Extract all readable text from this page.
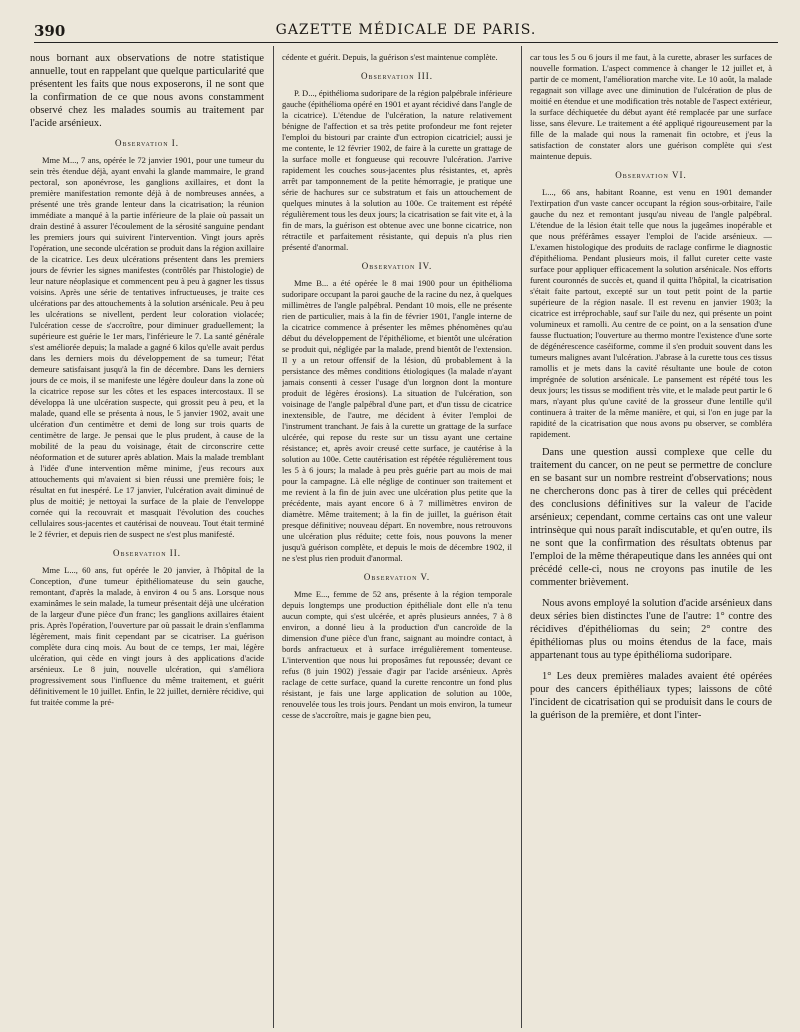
390	GAZETTE MÉDICALE DE PARIS.

nous bornant aux observations de notre statistique annuelle, tout en rappelant que quelque particularité que présentent les faits que nous exposerons, il ne sont que la confirmation de ce que nous avons constamment observé chez les malades soumis au traitement par l'acide arsénieux.

Observation I.

Mme M..., 7 ans, opérée le 72 janvier 1901, pour une tumeur du sein très étendue déjà, ayant envahi la glande mammaire, le grand pectoral, son aponévrose, les ganglions axillaires, et dont la première manifestation remonte déjà à de nombreuses années, a présenté une très grande lenteur dans la cicatrisation; la réunion immédiate a manqué à la partie inférieure de la plaie où passait un drain destiné à assurer l'écoulement de la sérosité sanguine pendant les premiers jours qui suivirent l'intervention. Vingt jours après l'opération, une seconde ulcération se produit dans la région axillaire de la cicatrice. Les deux ulcérations présentent dans les premiers jours de février les signes manifestes (contrôlés par l'histologie) de leur nature néoplasique et commencent peu à peu à gagner les tissus voisins. Après une série de tentatives infructueuses, je traite ces ulcérations par des attouchements à la solution arsénicale. Peu à peu les ulcérations se nivellent, perdent leur coloration violacée; l'ulcération cesse de s'accroître, pour diminuer graduellement; la supérieure est guérie le 1er mars, l'inférieure le 7. La santé générale s'est améliorée depuis; la malade a gagné 6 kilos qu'elle avait perdus dans les derniers mois du développement de sa tumeur; l'état demeure satisfaisant jusqu'à la fin de décembre. Dans les derniers jours de ce mois, il se manifeste une légère douleur dans la zone où la cicatrice repose sur les côtes et les espaces intercostaux. Il se développa là une ulcération suspecte, qui grossit peu à peu, et la malade, quand elle se présenta à nous, le 5 janvier 1902, avait une ulcération d'un centimètre et demi de long sur trois quarts de centimètre de large. Je pensai que le plus prudent, à cause de la mobilité de la peau du voisinage, était de circonscrire cette néoformation et de suturer après ablation. Mais la malade tremblant à l'idée d'une intervention même minime, j'eus recours aux attouchements qui m'avaient si bien réussi une première fois; le résultat en fut inespéré. Le 17 janvier, l'ulcération avait diminué de plus de moitié; je nettoyai la surface de la plaie de l'enveloppe cornée qui la recouvrait et masquait l'évolution des couches cellulaires sous-jacentes et cautérisai de nouveau. Tout était terminé le 2 février, et depuis rien de suspect ne s'est plus manifesté.

Observation II.

Mme L..., 60 ans, fut opérée le 20 janvier, à l'hôpital de la Conception, d'une tumeur épithéliomateuse du sein gauche, remontant, d'après la malade, à environ 4 ou 5 ans. Lorsque nous examinâmes le sein malade, la tumeur présentait déjà une ulcération de la largeur d'une pièce d'un franc; les ganglions axillaires étaient pris. Après l'opération, l'ouverture par où passait le drain s'enflamma légèrement, mais finit cependant par se cicatriser. La guérison complète dura cinq mois. Au bout de ce temps, 1er mai, légère ulcération, qui cède en vingt jours à des applications d'acide arsénieux. Le 8 juin, nouvelle ulcération, qui s'améliora progressivement sous l'influence du même traitement, et guérit définitivement le 10 juillet. Enfin, le 22 juillet, dernière récidive, qui fut traitée comme la pré-

cédente et guérit. Depuis, la guérison s'est maintenue complète.

Observation III.

P. D..., épithélioma sudoripare de la région palpébrale inférieure gauche (épithélioma opéré en 1901 et ayant récidivé dans l'angle de la cicatrice). L'étendue de l'ulcération, la nature relativement bénigne de l'affection et sa très petite profondeur me font rejeter l'emploi du bistouri par crainte d'un ectropion cicatriciel; aussi je me contente, le 12 février 1902, de faire à la curette un grattage de la surface molle et fongueuse qui recouvre l'ulcération. J'arrive rapidement les couches sous-jacentes plus résistantes, et, après arrêt par tamponnement de la petite hémorragie, je pratique une série de hachures sur ce substratum et fais un attouchement de quelques minutes à la solution au 100e. Ce traitement est répété régulièrement tous les deux jours; la cicatrisation se fait vite et, à la fin de mars, la guérison est obtenue avec une bonne cicatrice, non rétractile et parfaitement résistante, qui depuis n'a plus rien présenté d'anormal.

Observation IV.

Mme B... a été opérée le 8 mai 1900 pour un épithélioma sudoripare occupant la paroi gauche de la racine du nez, à quelques millimètres de l'angle palpébral. Pendant 10 mois, elle ne présente rien de particulier, mais à la fin de février 1901, l'angle interne de la cicatrice commence à présenter les mêmes phénomènes qu'au début du développement de l'épithéliome, et bientôt une ulcération se produit qui, négligée par la malade, prend bientôt de l'extension. Il y a un retour offensif de la lésion, dû probablement à la persistance des mêmes conditions étiologiques (la malade n'ayant jamais consenti à cesser l'usage d'un lorgnon dont la monture produit de légères érosions). La situation de l'ulcération, son voisinage de l'angle palpébral d'une part, et d'un tissu de cicatrice inextensible, de l'autre, me décident à éviter l'emploi de l'instrument tranchant. Je fais à la curette un grattage de la surface ulcérée, qui repose du reste sur un tissu ayant une certaine résistance; et, après avoir creusé cette surface, je cautérise à la solution au 100e. Cette cautérisation est répétée régulièrement tous les 5 à 6 jours; la malade à peu près guérie part au mois de mai pour la campagne. Là elle néglige de continuer son traitement et me revient à la fin de juin avec une ulcération plus petite que la précédente, mais ayant encore 6 à 7 millimètres environ de diamètre. Même traitement; à la fin de juillet, la guérison était presque définitive; nouveau départ. En novembre, nous retrouvons une ulcération plus réduite; cette fois, nous pouvons la mener jusqu'à guérison complète, et depuis le mois de décembre 1902, il ne s'est plus rien produit d'anormal.

Observation V.

Mme E..., femme de 52 ans, présente à la région temporale depuis longtemps une production épithéliale dont elle n'a tenu aucun compte, qui s'est ulcérée, et après plusieurs années, 7 à 8 environ, a donné lieu à la production d'un cancroïde de la dimension d'une pièce d'un franc, saignant au moindre contact, à bords anfractueux et à surface irrégulièrement tomenteuse. L'intervention que nous lui proposâmes fut repoussée; devant ce refus (8 juin 1902) j'essaie d'agir par l'acide arsénieux. Après raclage de cette surface, quand la curette rencontre un fond plus résistant, je fais une large application de solution au 100e, renouvelée tous les trois jours. Pendant un mois environ, la tumeur cesse de s'accroître, mais je gagne bien peu,

car tous les 5 ou 6 jours il me faut, à la curette, abraser les surfaces de nouvelle formation. L'aspect commence à changer le 12 juillet et, à partir de ce moment, l'amélioration marche vite. Le 10 août, la malade regagnait son village avec une diminution de l'ulcération de plus de moitié en étendue et une modification très notable de l'aspect extérieur, la surface déchiquetée du début ayant été remplacée par une surface lisse, sans élevure. Le traitement a été appliqué rigoureusement par la fille de la malade qui nous la ramenait fin octobre, et j'eus la satisfaction de constater alors une guérison complète qui s'est maintenue depuis.

Observation VI.

L..., 66 ans, habitant Roanne, est venu en 1901 demander l'extirpation d'un vaste cancer occupant la région sous-orbitaire, l'aile gauche du nez et remontant jusqu'au niveau de l'angle palpébral. L'étendue de la lésion était telle que nous la jugeâmes inopérable et que nous préférâmes essayer l'emploi de l'acide arsénieux. — L'examen histologique des produits de raclage confirme le diagnostic d'épithélioma. Pendant plusieurs mois, il fallut cureter cette vaste surface pour appliquer efficacement la solution arsénicale. Nos efforts furent couronnés de succès et, quand il quitta l'hôpital, la cicatrisation s'était faite partout, excepté sur un tout petit point de la partie supérieure de la région nasale. Il est revenu en janvier 1903; la cicatrice est irréprochable, sauf sur l'aile du nez, qui présente un point volumineux et ramolli. Au centre de ce point, on a la sensation d'une fausse fluctuation; l'ouverture au thermo montre l'existence d'une sorte de dégénérescence caséiforme, comme il s'en produit souvent dans les tumeurs malignes avant l'ulcération. J'abrase à la curette tous ces tissus ramollis et je mets dans la cavité résultante une boule de coton imprégnée de solution arsénicale. Le pansement est répété tous les deux jours; les tissus se modifient très vite, et le malade peut partir le 6 mars, n'ayant plus qu'une cavité de la grosseur d'une lentille qu'il continuera à traiter de la même manière, et qui, si l'on en juge par la rapidité de la cicatrisation que nous avons pu observer, se combléra rapidement.

Dans une question aussi complexe que celle du traitement du cancer, on ne peut se permettre de conclure en se basant sur un nombre restreint d'observations; nous ne chercherons donc pas à tirer de celles qui précèdent des conclusions définitives sur la valeur de l'acide arsénieux; cependant, comme certains cas ont une valeur intrinsèque qui nous paraît indiscutable, et qu'en outre, ils ne sont que la confirmation des résultats obtenus par l'emploi de la même thérapeutique dans les années qui ont précédé celle-ci, nous ne croyons pas inutile de les commenter brièvement.

Nous avons employé la solution d'acide arsénieux dans deux séries bien distinctes l'une de l'autre: 1° contre des récidives d'épithéliomas du sein; 2° contre des épithéliomas plus ou moins étendus de la face, mais appartenant tous au type épithélioma sudoripare.

1° Les deux premières malades avaient été opérées pour des cancers épithéliaux types; laissons de côté l'incident de cicatrisation qui se produisit dans le cours de la guérison de la première, et dont l'inter-
